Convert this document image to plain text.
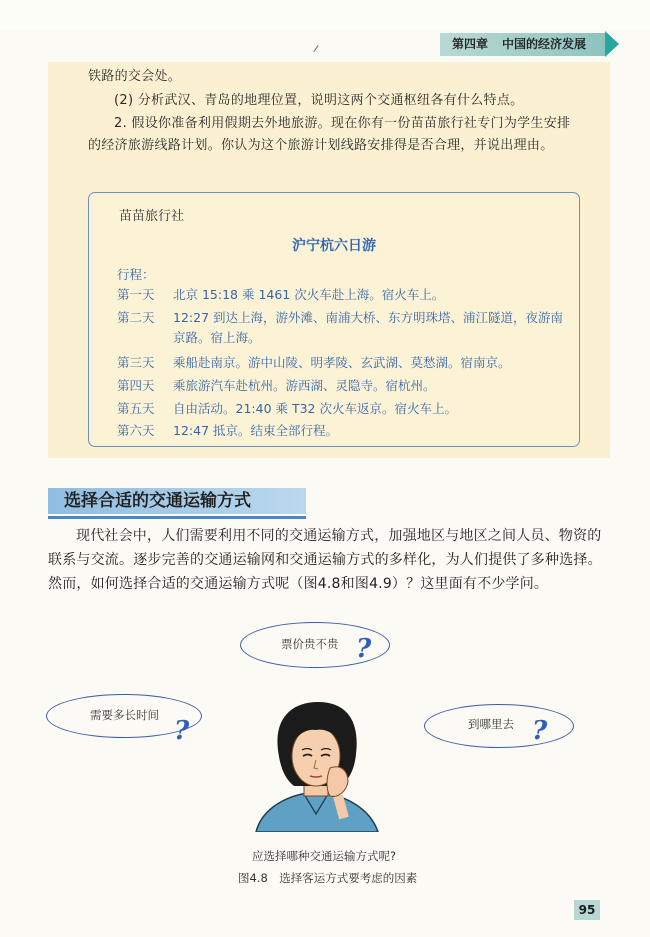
第四章 中国的经济发展
铁路的交会处。
(2) 分析武汉、青岛的地理位置，说明这两个交通枢纽各有什么特点。
2. 假设你准备利用假期去外地旅游。现在你有一份苗苗旅行社专门为学生安排的经济旅游线路计划。你认为这个旅游计划线路安排得是否合理，并说出理由。
苗苗旅行社
沪宁杭六日游
行程：
第一天 北京 15:18 乘 1461 次火车赴上海。宿火车上。
第二天 12:27 到达上海，游外滩、南浦大桥、东方明珠塔、浦江隧道，夜游南京路。宿上海。
第三天 乘船赴南京。游中山陵、明孝陵、玄武湖、莫愁湖。宿南京。
第四天 乘旅游汽车赴杭州。游西湖、灵隐寺。宿杭州。
第五天 自由活动。21:40 乘 T32 次火车返京。宿火车上。
第六天 12:47 抵京。结束全部行程。
选择合适的交通运输方式
现代社会中，人们需要利用不同的交通运输方式，加强地区与地区之间人员、物资的联系与交流。逐步完善的交通运输网和交通运输方式的多样化，为人们提供了多种选择。然而，如何选择合适的交通运输方式呢（图4.8和图4.9）？这里面有不少学问。
票价贵不贵 ?
需要多长时间
?	到哪里去 ?
应选择哪种交通运输方式呢?
图4.8　选择客运方式要考虑的因素
95
